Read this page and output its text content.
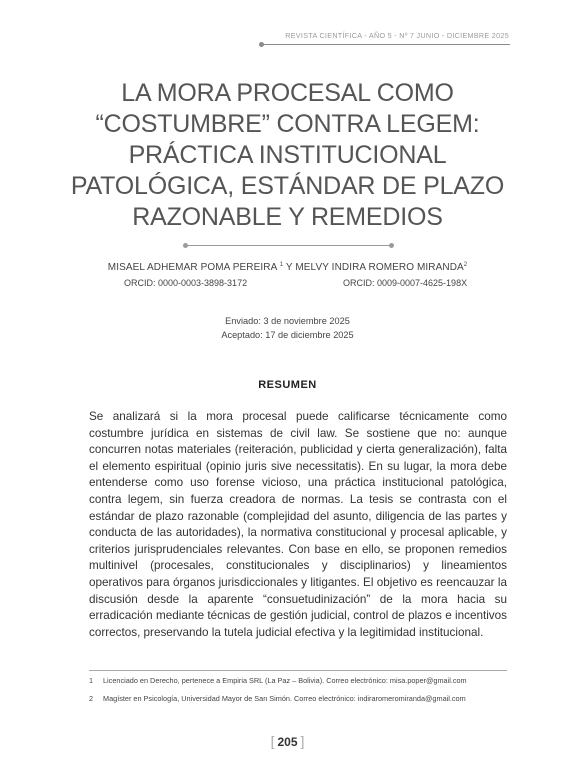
REVISTA CIENTÍFICA - AÑO 5 - Nº 7 JUNIO - DICIEMBRE 2025
LA MORA PROCESAL COMO
“COSTUMBRE” CONTRA LEGEM:
PRÁCTICA INSTITUCIONAL
PATOLÓGICA, ESTÁNDAR DE PLAZO
RAZONABLE Y REMEDIOS
MISAEL ADHEMAR POMA PEREIRA $^1$ Y MELVY INDIRA ROMERO MIRANDA$^2$
ORCID: 0000-0003-3898-3172	ORCID: 0009-0007-4625-198X
Enviado: 3 de noviembre 2025
Aceptado: 17 de diciembre 2025
RESUMEN

Se analizará si la mora procesal puede calificarse técnicamente como costumbre jurídica en sistemas de civil law. Se sostiene que no: aunque concurren notas materiales (reiteración, publicidad y cierta generalización), falta el elemento espiritual (opinio juris sive necessitatis). En su lugar, la mora debe entenderse como uso forense vicioso, una práctica institucional patológica, contra legem, sin fuerza creadora de normas. La tesis se contrasta con el estándar de plazo razonable (complejidad del asunto, diligencia de las partes y conducta de las autoridades), la normativa constitucional y procesal aplicable, y criterios jurisprudenciales relevantes. Con base en ello, se proponen remedios multinivel (procesales, constitucionales y disciplinarios) y lineamientos operativos para órganos jurisdiccionales y litigantes. El objetivo es reencauzar la discusión desde la aparente “consuetudinización” de la mora hacia su erradicación mediante técnicas de gestión judicial, control de plazos e incentivos correctos, preservando la tutela judicial efectiva y la legitimidad institucional.

1 Licenciado en Derecho, pertenece a Empiria SRL (La Paz – Bolivia). Correo electrónico: misa.poper@gmail.com
2 Magíster en Psicología, Universidad Mayor de San Simón. Correo electrónico: indiraromeromiranda@gmail.com
[ 205 ]
